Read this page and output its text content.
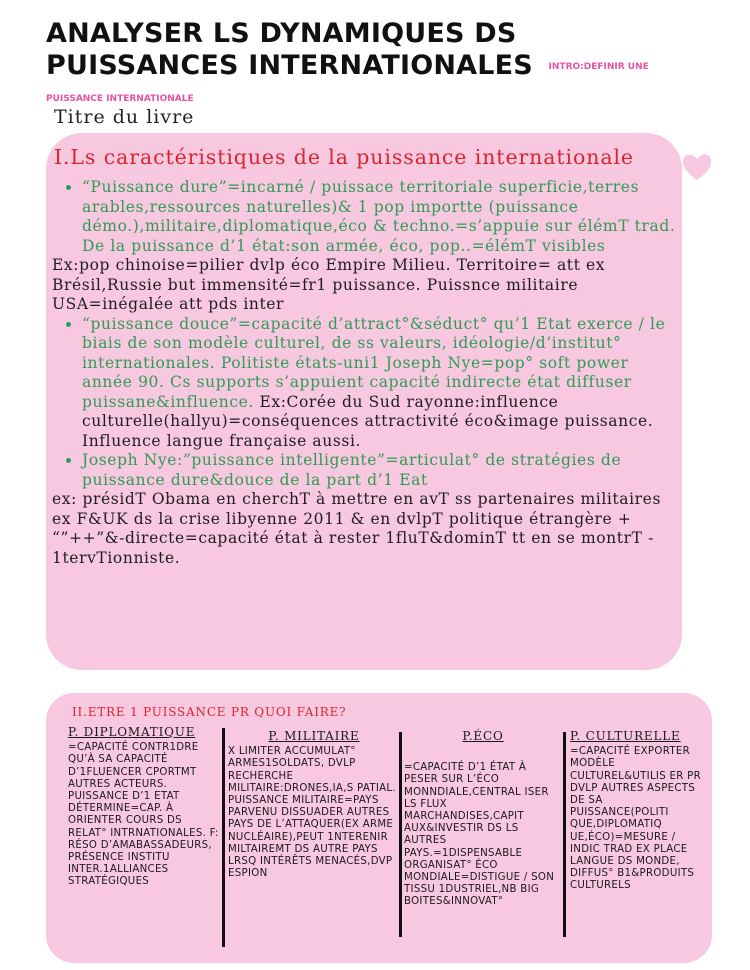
ANALYSER LS DYNAMIQUES DS PUISSANCES INTERNATIONALES INTRO:DEFINIR UNE PUISSANCE INTERNATIONALE
Titre du livre
I.Ls caractéristiques de la puissance internationale
• “Puissance dure”=incarné / puissace territoriale superficie,terres arables,ressources naturelles)& 1 pop importte (puissance démo.),militaire,diplomatique,éco & techno.=s’appuie sur élémT trad. De la puissance d’1 état:son armée, éco, pop..=élémT visibles

Ex:pop chinoise=pilier dvlp éco Empire Milieu. Territoire= att ex Brésil,Russie but immensité=fr1 puissance. Puissnce militaire USA=inégalée att pds inter

• “puissance douce”=capacité d’attract°&séduct° qu’1 Etat exerce / le biais de son modèle culturel, de ss valeurs, idéologie/d’institut° internationales. Politiste états-uni1 Joseph Nye=pop° soft power année 90. Cs supports s’appuient capacité indirecte état diffuser puissane&influence. Ex:Corée du Sud rayonne:influence culturelle(hallyu)=conséquences attractivité éco&image puissance. Influence langue française aussi.
• Joseph Nye:”puissance intelligente”=articulat° de stratégies de puissance dure&douce de la part d’1 Eat

ex: présidT Obama en cherchT à mettre en avT ss partenaires militaires ex F&UK ds la crise libyenne 2011 & en dvlpT politique étrangère + “”++”&-directe=capacité état à rester 1fluT&dominT tt en se montrT - 1tervTionniste.

II.ETRE 1 PUISSANCE PR QUOI FAIRE?
P. DIPLOMATIQUE
=CAPACITÉ CONTR1DRE QU’À SA CAPACITÉ D’1FLUENCER CPORTMT AUTRES ACTEURS. PUISSANCE D’1 ETAT DÉTERMINE=CAP. À ORIENTER COURS DS RELAT° INTRNATIONALES. F: RÉSO D’AMABASSADEURS, PRÉSENCE INSTITU INTER.1ALLIANCES STRATÉGIQUES
P. MILITAIRE
X LIMITER ACCUMULAT° ARMES1SOLDATS, DVLP RECHERCHE MILITAIRE:DRONES,IA,S PATIAL. PUISSANCE MILITAIRE=PAYS PARVENU DISSUADER AUTRES PAYS DE L’ATTAQUER(EX ARME NUCLÉAIRE),PEUT 1NTERENIR MILTAIREMT DS AUTRE PAYS LRSQ INTÉRÊTS MENACÉS,DVP ESPION
P.ÉCO
=CAPACITÉ D’1 ÉTAT À PESER SUR L’ÉCO MONNDIALE,CENTRAL ISER LS FLUX MARCHANDISES,CAPIT AUX&INVESTIR DS LS AUTRES PAYS.=1DISPENSABLE ORGANISAT° ÉCO MONDIALE=DISTIGUE / SON TISSU 1DUSTRIEL,NB BIG BOITES&INNOVAT°
P. CULTURELLE
=CAPACITÉ EXPORTER MODÈLE CULTUREL&UTILIS ER PR DVLP AUTRES ASPECTS DE SA PUISSANCE(POLITI QUE,DIPLOMATIQ UE,ÉCO)=MESURE / INDIC TRAD EX PLACE LANGUE DS MONDE, DIFFUS° B1&PRODUITS CULTURELS
